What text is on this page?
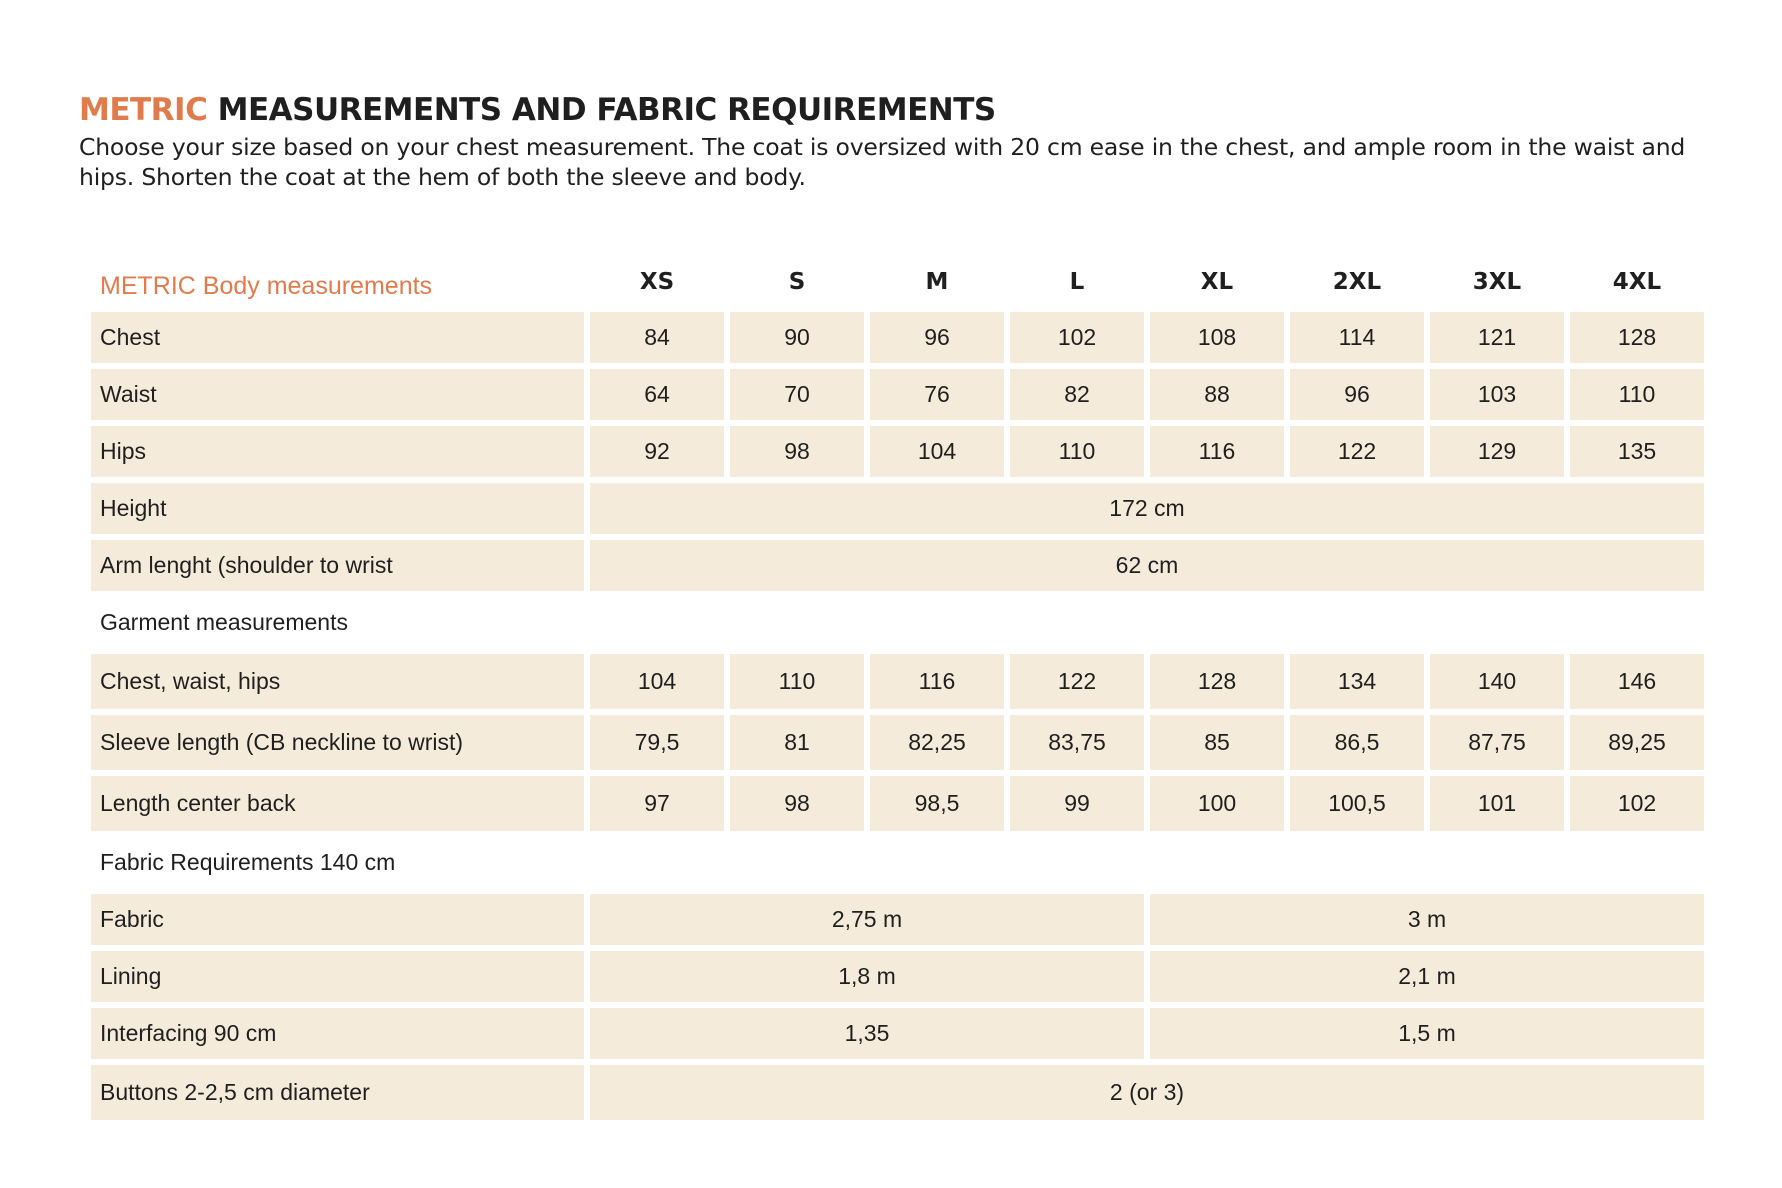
METRIC MEASUREMENTS AND FABRIC REQUIREMENTS

Choose your size based on your chest measurement. The coat is oversized with 20 cm ease in the chest, and ample room in the waist and hips. Shorten the coat at the hem of both the sleeve and body.

METRIC Body measurements	XS	S	M	L	XL	2XL	3XL	4XL
Chest	84	90	96	102	108	114	121	128
Waist	64	70	76	82	88	96	103	110
Hips	92	98	104	110	116	122	129	135
Height	172 cm							
Arm lenght (shoulder to wrist	62 cm							
Garment measurements								
Chest, waist, hips	104	110	116	122	128	134	140	146
Sleeve length (CB neckline to wrist)	79,5	81	82,25	83,75	85	86,5	87,75	89,25
Length center back	97	98	98,5	99	100	100,5	101	102
Fabric Requirements 140 cm								
Fabric	2,75 m				3 m			
Lining	1,8 m				2,1 m			
Interfacing 90 cm	1,35				1,5 m			
Buttons 2-2,5 cm diameter	2 (or 3)							
